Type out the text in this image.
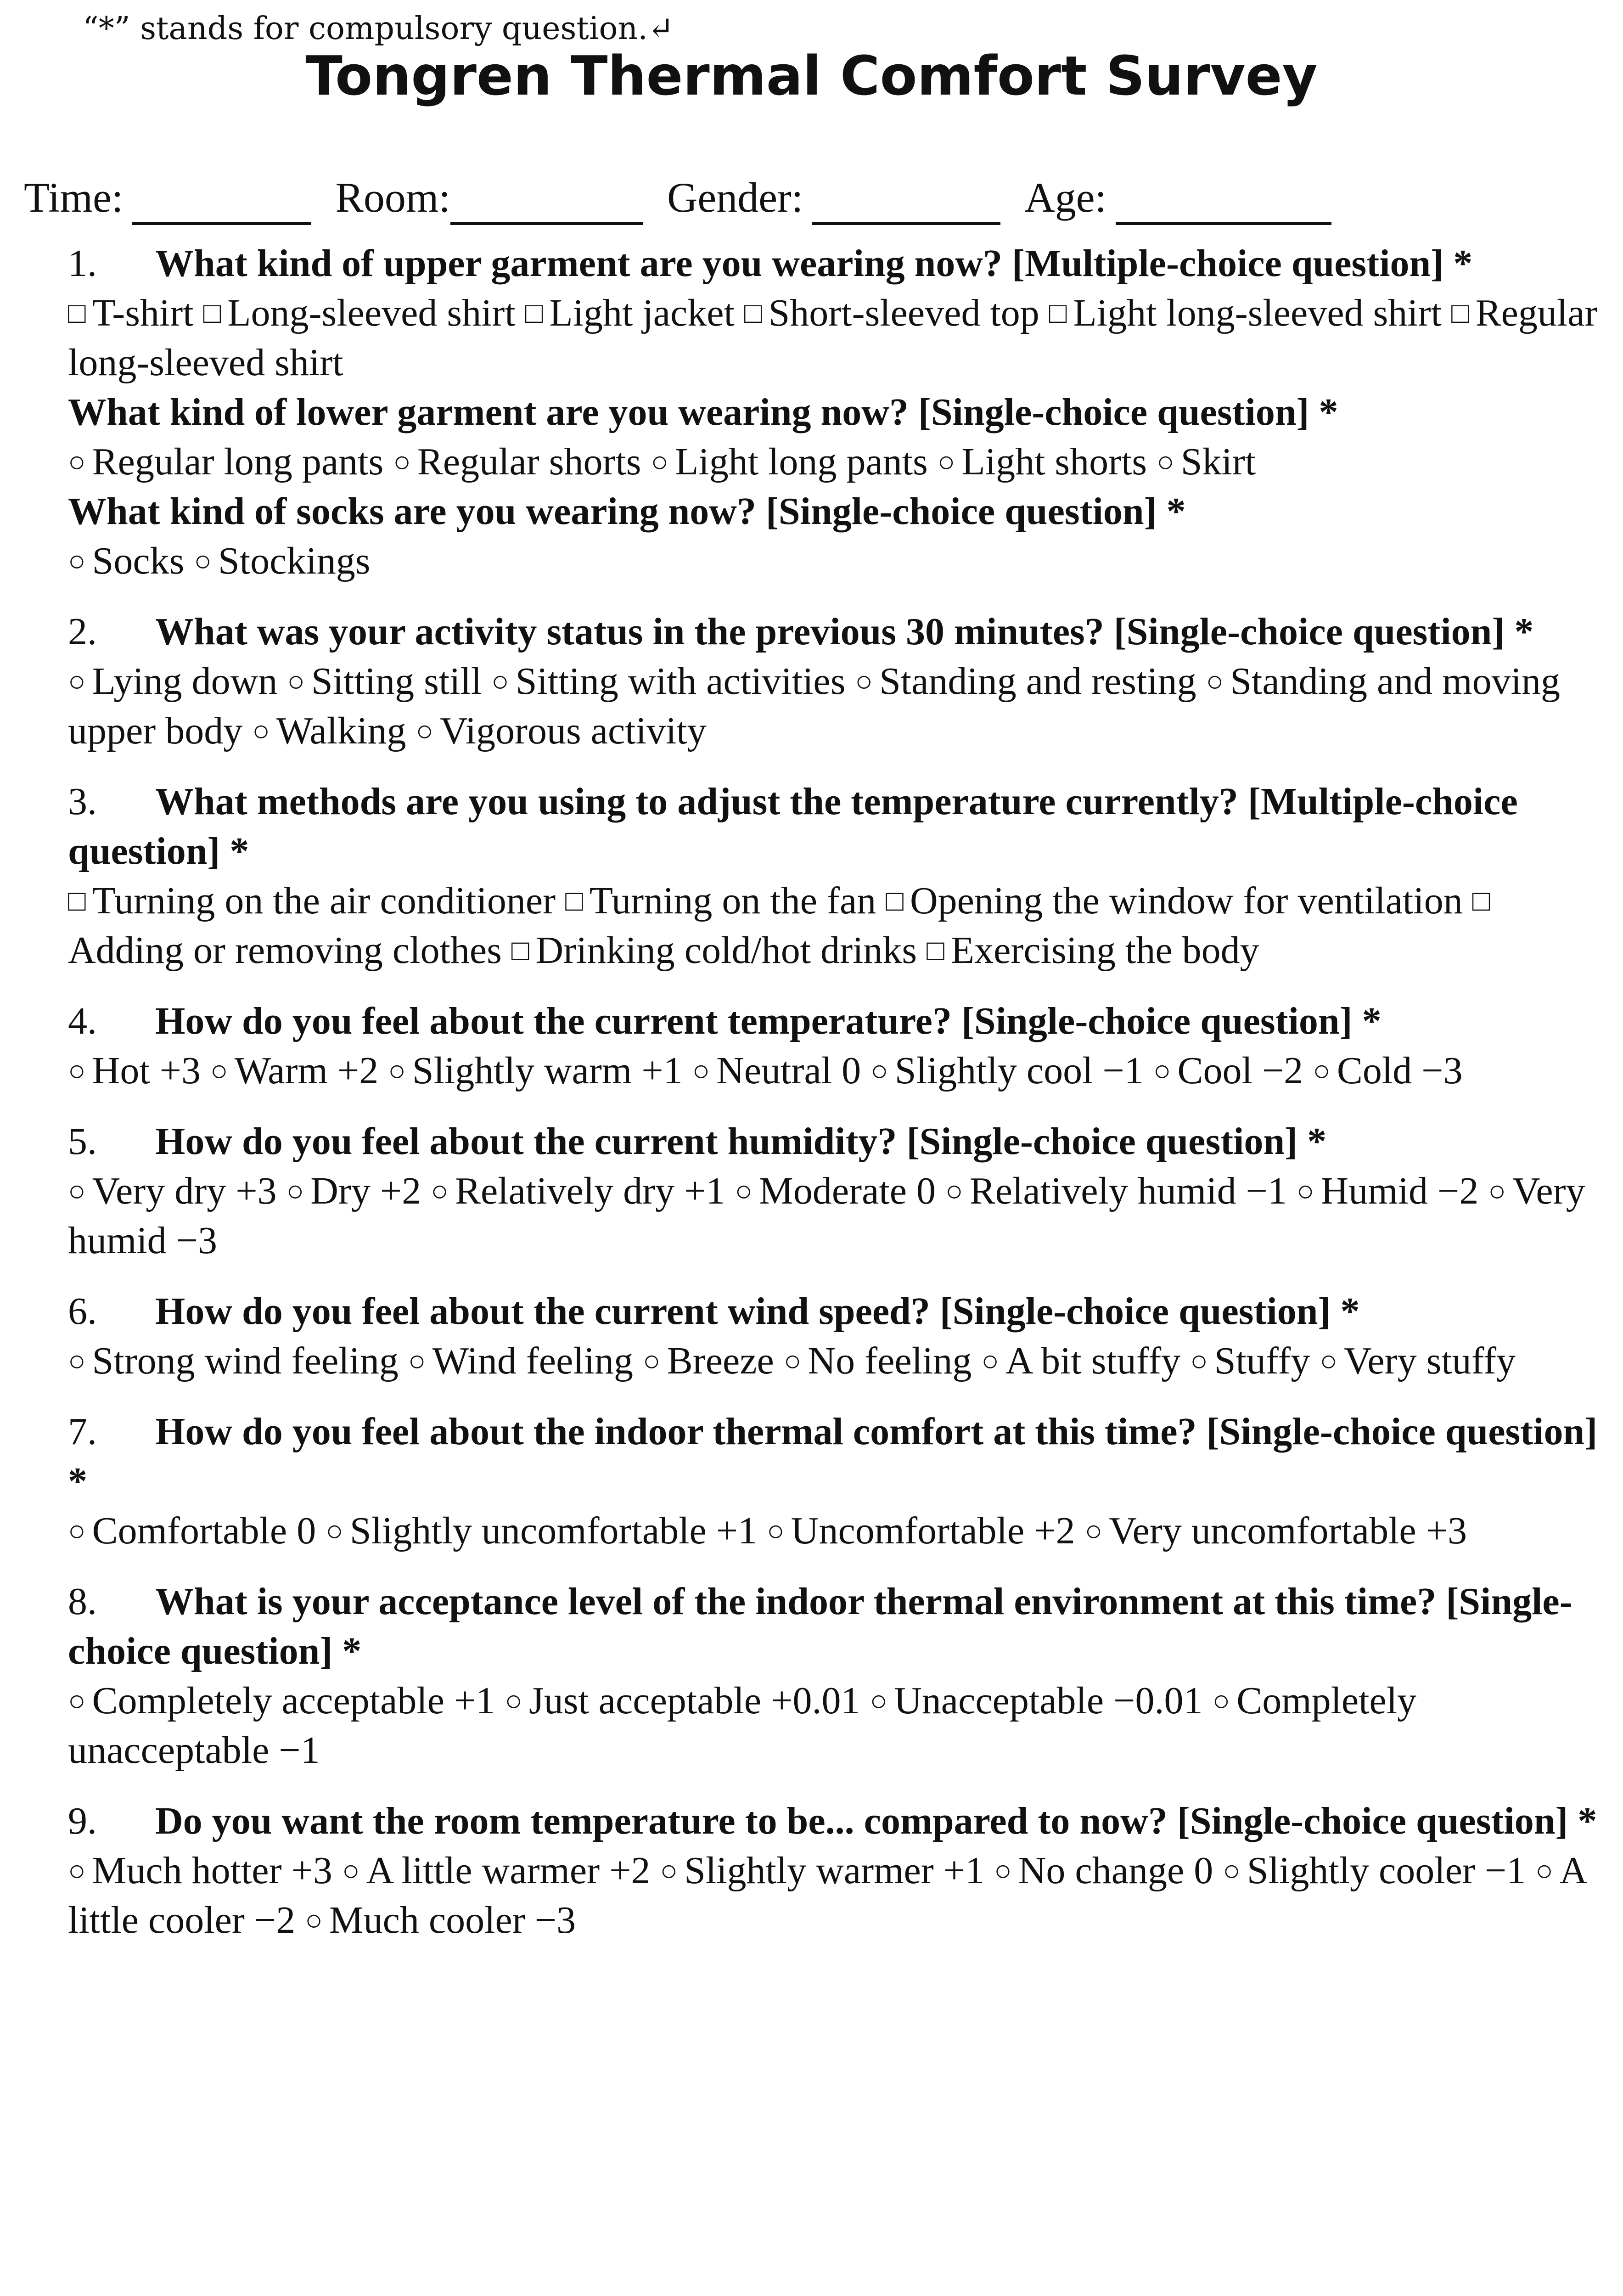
“*” stands for compulsory question.↵
Tongren Thermal Comfort Survey
Time:	Room:	Gender:	Age:
1. What kind of upper garment are you wearing now? [Multiple-choice question] *
□ T-shirt □ Long-sleeved shirt □ Light jacket □ Short-sleeved top □ Light long-sleeved shirt □ Regular long-sleeved shirt
What kind of lower garment are you wearing now? [Single-choice question] *
○ Regular long pants ○ Regular shorts ○ Light long pants ○ Light shorts ○ Skirt
What kind of socks are you wearing now? [Single-choice question] *
○ Socks ○ Stockings
2. What was your activity status in the previous 30 minutes? [Single-choice question] *
○ Lying down ○ Sitting still ○ Sitting with activities ○ Standing and resting ○ Standing and moving upper body ○ Walking ○ Vigorous activity
3. What methods are you using to adjust the temperature currently? [Multiple-choice question] *
□ Turning on the air conditioner □ Turning on the fan □ Opening the window for ventilation □Adding or removing clothes □ Drinking cold/hot drinks □ Exercising the body
4. How do you feel about the current temperature? [Single-choice question] *
○ Hot +3 ○ Warm +2 ○ Slightly warm +1 ○ Neutral 0 ○ Slightly cool −1 ○ Cool −2 ○ Cold −3
5. How do you feel about the current humidity? [Single-choice question] *
○ Very dry +3 ○ Dry +2 ○ Relatively dry +1 ○ Moderate 0 ○ Relatively humid −1 ○ Humid −2 ○ Very humid −3
6. How do you feel about the current wind speed? [Single-choice question] *
○ Strong wind feeling ○ Wind feeling ○ Breeze ○ No feeling ○ A bit stuffy ○ Stuffy ○ Very stuffy
7. How do you feel about the indoor thermal comfort at this time? [Single-choice question] *
○ Comfortable 0 ○ Slightly uncomfortable +1 ○ Uncomfortable +2 ○ Very uncomfortable +3
8. What is your acceptance level of the indoor thermal environment at this time? [Single-choice question] *
○ Completely acceptable +1 ○ Just acceptable +0.01 ○ Unacceptable −0.01 ○ Completely unacceptable −1
9. Do you want the room temperature to be... compared to now? [Single-choice question] *
○ Much hotter +3 ○ A little warmer +2 ○ Slightly warmer +1 ○ No change 0 ○ Slightly cooler −1 ○ A little cooler −2 ○ Much cooler −3
